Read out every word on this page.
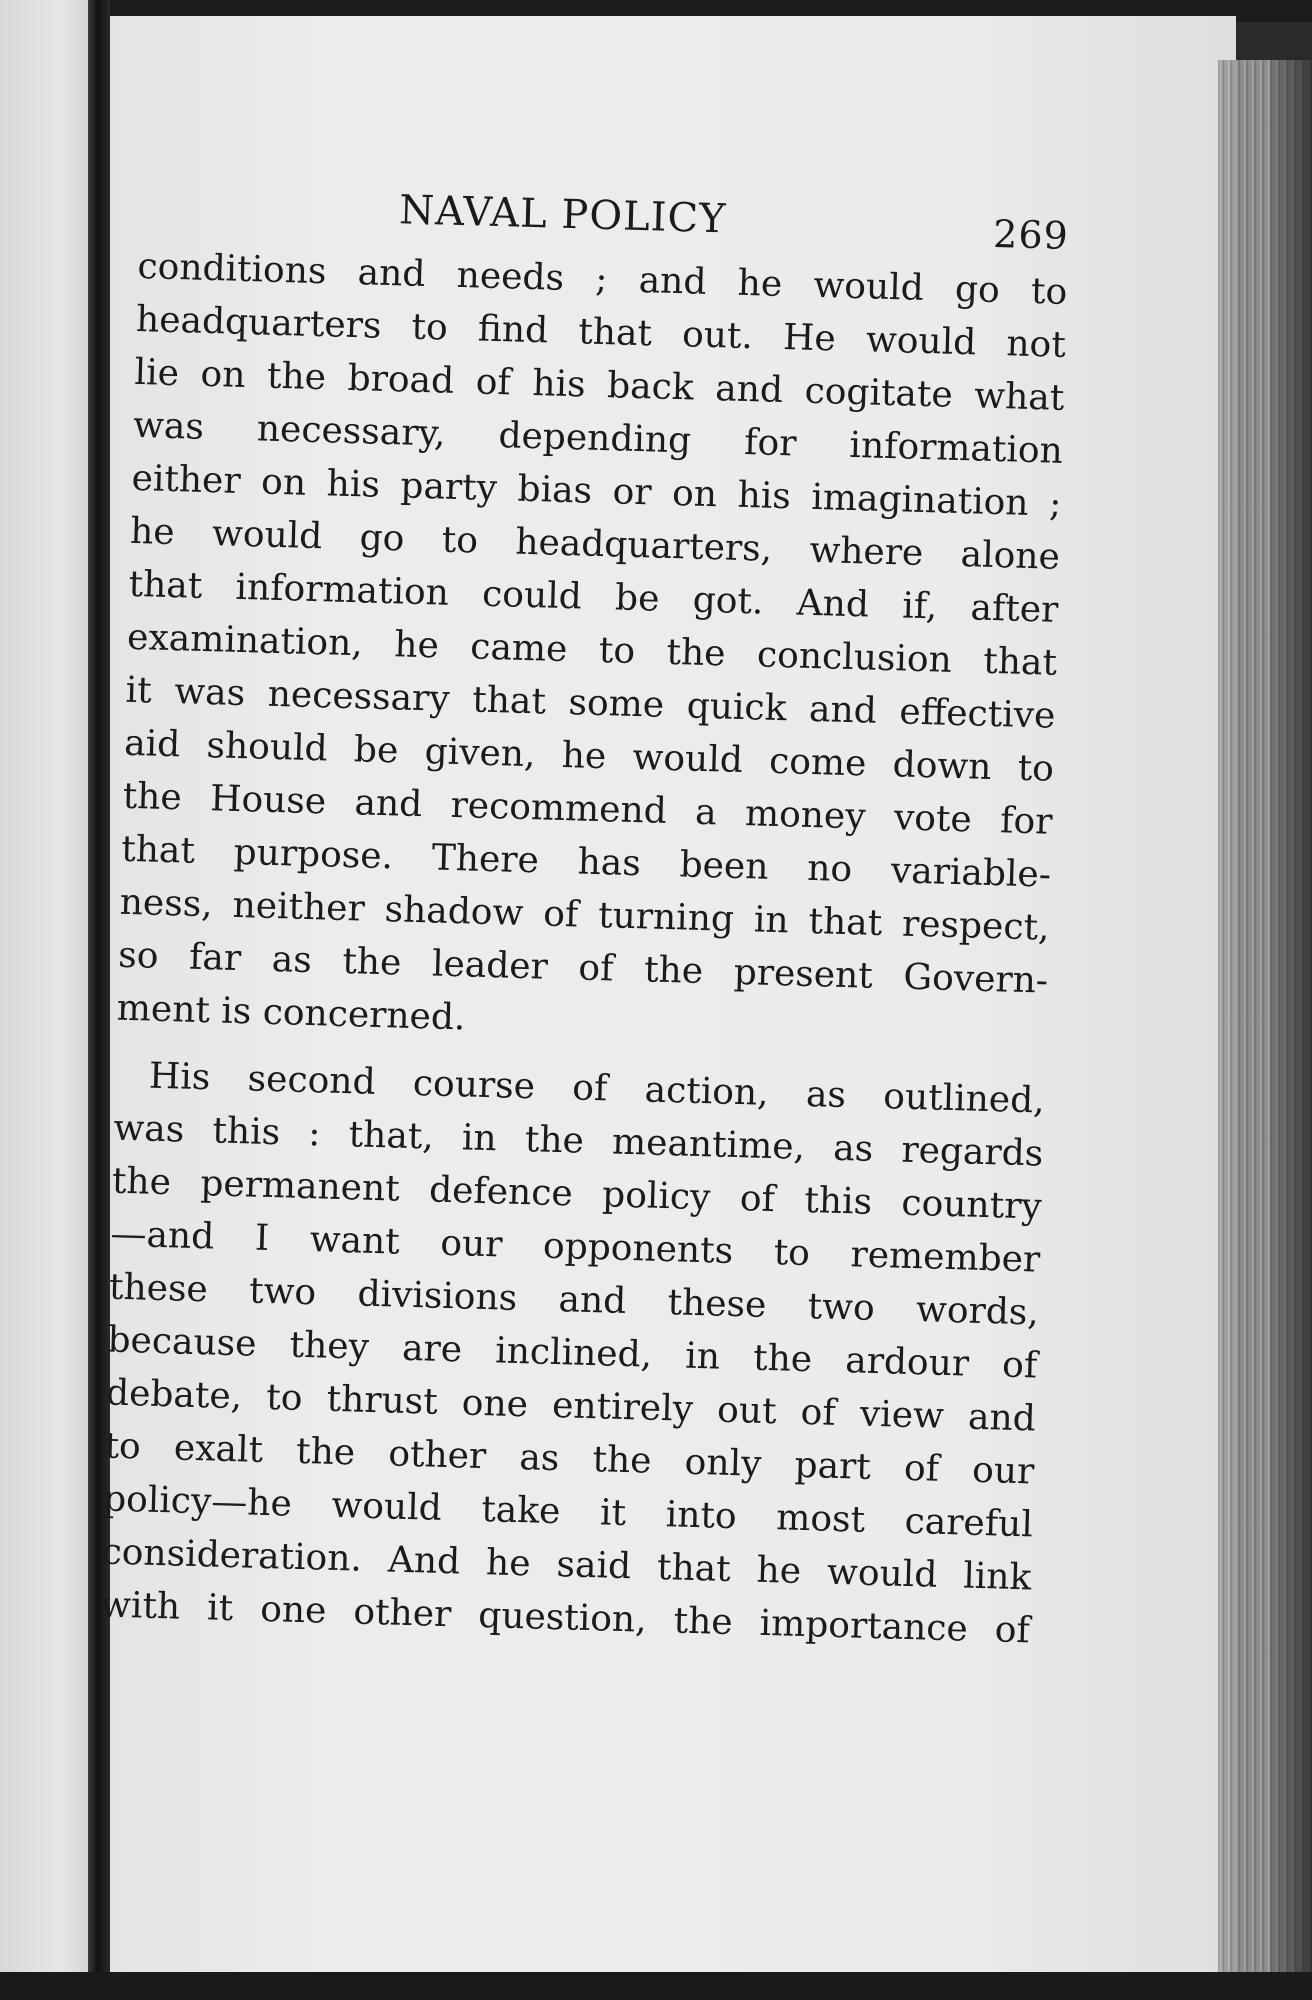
NAVAL POLICY	269
conditions and needs ; and he would go to
headquarters to find that out. He would not
lie on the broad of his back and cogitate what
was necessary, depending for information
either on his party bias or on his imagination ;
he would go to headquarters, where alone
that information could be got. And if, after
examination, he came to the conclusion that
it was necessary that some quick and effective
aid should be given, he would come down to
the House and recommend a money vote for
that purpose. There has been no variable-
ness, neither shadow of turning in that respect,
so far as the leader of the present Govern-
ment is concerned.
His second course of action, as outlined,
was this : that, in the meantime, as regards
the permanent defence policy of this country
—and I want our opponents to remember
these two divisions and these two words,
because they are inclined, in the ardour of
debate, to thrust one entirely out of view and
to exalt the other as the only part of our
policy—he would take it into most careful
consideration. And he said that he would link
with it one other question, the importance of
